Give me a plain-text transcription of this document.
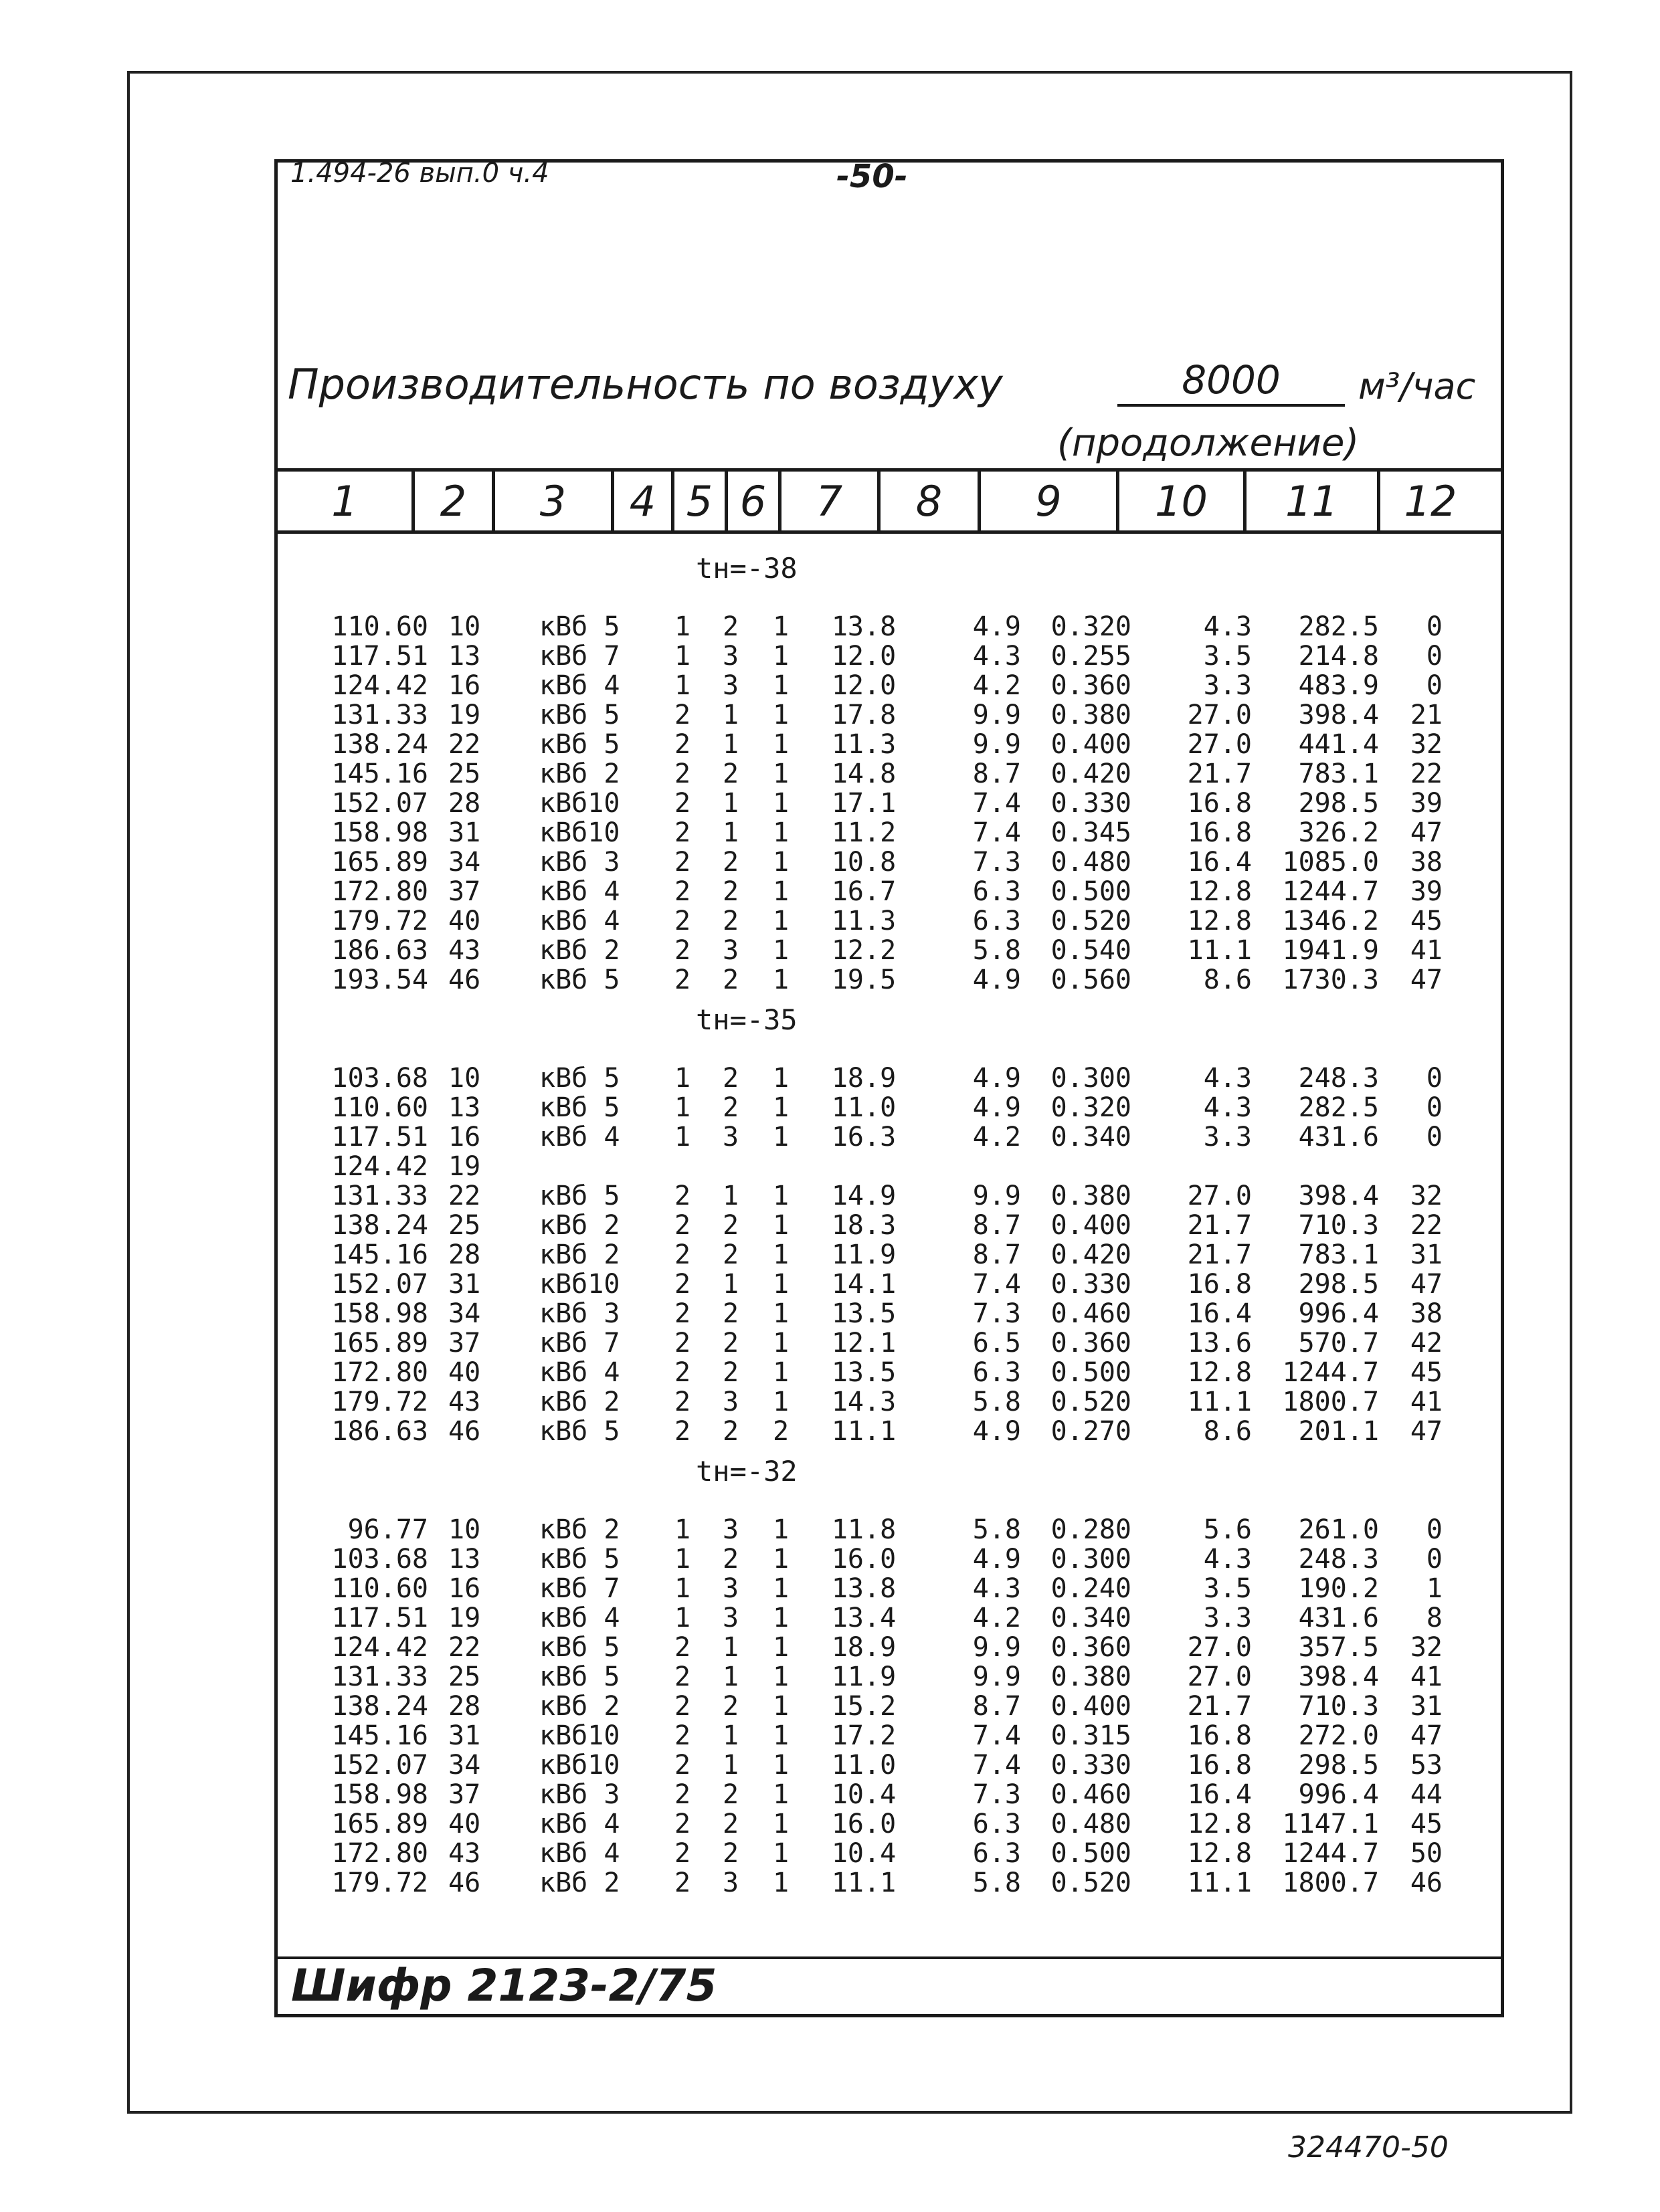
1.494-26 вып.0 ч.4	-50-
Производительность по воздуху	8000	м³/час
(продолжение)
1	2	3	4 5 6	7	8	9	10	11	12
tн=-38
110.60	10	кВб 5	1	2	1	13.8	4.9	0.320	4.3	282.5	0
117.51	13	кВб 7	1	3	1	12.0	4.3	0.255	3.5	214.8	0
124.42	16	кВб 4	1	3	1	12.0	4.2	0.360	3.3	483.9	0
131.33	19	кВб 5	2	1	1	17.8	9.9	0.380	27.0	398.4	21
138.24	22	кВб 5	2	1	1	11.3	9.9	0.400	27.0	441.4	32
145.16	25	кВб 2	2	2	1	14.8	8.7	0.420	21.7	783.1	22
152.07	28	кВб10	2	1	1	17.1	7.4	0.330	16.8	298.5	39
158.98	31	кВб10	2	1	1	11.2	7.4	0.345	16.8	326.2	47
165.89	34	кВб 3	2	2	1	10.8	7.3	0.480	16.4	1085.0	38
172.80	37	кВб 4	2	2	1	16.7	6.3	0.500	12.8	1244.7	39
179.72	40	кВб 4	2	2	1	11.3	6.3	0.520	12.8	1346.2	45
186.63	43	кВб 2	2	3	1	12.2	5.8	0.540	11.1	1941.9	41
193.54	46	кВб 5	2	2	1	19.5	4.9	0.560	8.6	1730.3	47
tн=-35
103.68	10	кВб 5	1	2	1	18.9	4.9	0.300	4.3	248.3	0
110.60	13	кВб 5	1	2	1	11.0	4.9	0.320	4.3	282.5	0
117.51	16	кВб 4	1	3	1	16.3	4.2	0.340	3.3	431.6	0
124.42	19										
131.33	22	кВб 5	2	1	1	14.9	9.9	0.380	27.0	398.4	32
138.24	25	кВб 2	2	2	1	18.3	8.7	0.400	21.7	710.3	22
145.16	28	кВб 2	2	2	1	11.9	8.7	0.420	21.7	783.1	31
152.07	31	кВб10	2	1	1	14.1	7.4	0.330	16.8	298.5	47
158.98	34	кВб 3	2	2	1	13.5	7.3	0.460	16.4	996.4	38
165.89	37	кВб 7	2	2	1	12.1	6.5	0.360	13.6	570.7	42
172.80	40	кВб 4	2	2	1	13.5	6.3	0.500	12.8	1244.7	45
179.72	43	кВб 2	2	3	1	14.3	5.8	0.520	11.1	1800.7	41
186.63	46	кВб 5	2	2	2	11.1	4.9	0.270	8.6	201.1	47
tн=-32
96.77	10	кВб 2	1	3	1	11.8	5.8	0.280	5.6	261.0	0
103.68	13	кВб 5	1	2	1	16.0	4.9	0.300	4.3	248.3	0
110.60	16	кВб 7	1	3	1	13.8	4.3	0.240	3.5	190.2	1
117.51	19	кВб 4	1	3	1	13.4	4.2	0.340	3.3	431.6	8
124.42	22	кВб 5	2	1	1	18.9	9.9	0.360	27.0	357.5	32
131.33	25	кВб 5	2	1	1	11.9	9.9	0.380	27.0	398.4	41
138.24	28	кВб 2	2	2	1	15.2	8.7	0.400	21.7	710.3	31
145.16	31	кВб10	2	1	1	17.2	7.4	0.315	16.8	272.0	47
152.07	34	кВб10	2	1	1	11.0	7.4	0.330	16.8	298.5	53
158.98	37	кВб 3	2	2	1	10.4	7.3	0.460	16.4	996.4	44
165.89	40	кВб 4	2	2	1	16.0	6.3	0.480	12.8	1147.1	45
172.80	43	кВб 4	2	2	1	10.4	6.3	0.500	12.8	1244.7	50
179.72	46	кВб 2	2	3	1	11.1	5.8	0.520	11.1	1800.7	46
Шифр 2123-2/75
324470-50
